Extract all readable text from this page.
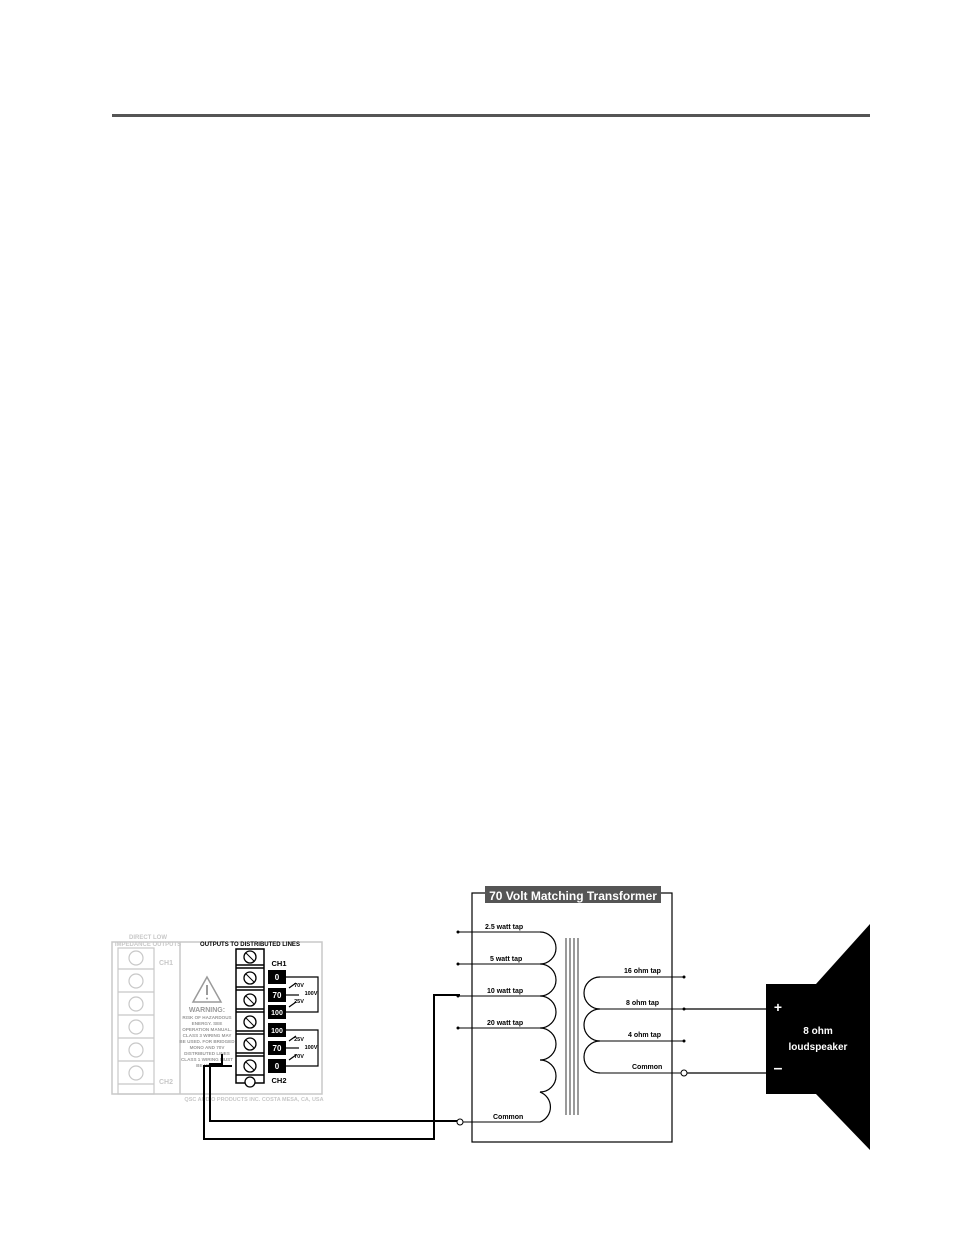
DIRECT LOW
IMPEDANCE OUTPUTS
CH1
CH2
OUTPUTS TO DISTRIBUTED LINES
WARNING:
RISK OF HAZARDOUS
ENERGY. SEE
OPERATION MANUAL.
CLASS 3 WIRING MAY
BE USED. FOR BRIDGED
MONO AND 70V
DISTRIBUTED LINES
CLASS 1 WIRING MUST
BE USED.
CH1
CH2
0
70
100
100
70
0
70V
100V
25V
25V
100V
70V
QSC AUDIO PRODUCTS INC. COSTA MESA, CA, USA
70 Volt Matching Transformer
2.5 watt tap
5 watt tap
10 watt tap
20 watt tap
Common
16 ohm tap
8 ohm tap
4 ohm tap
Common
+
–
8 ohm
loudspeaker
